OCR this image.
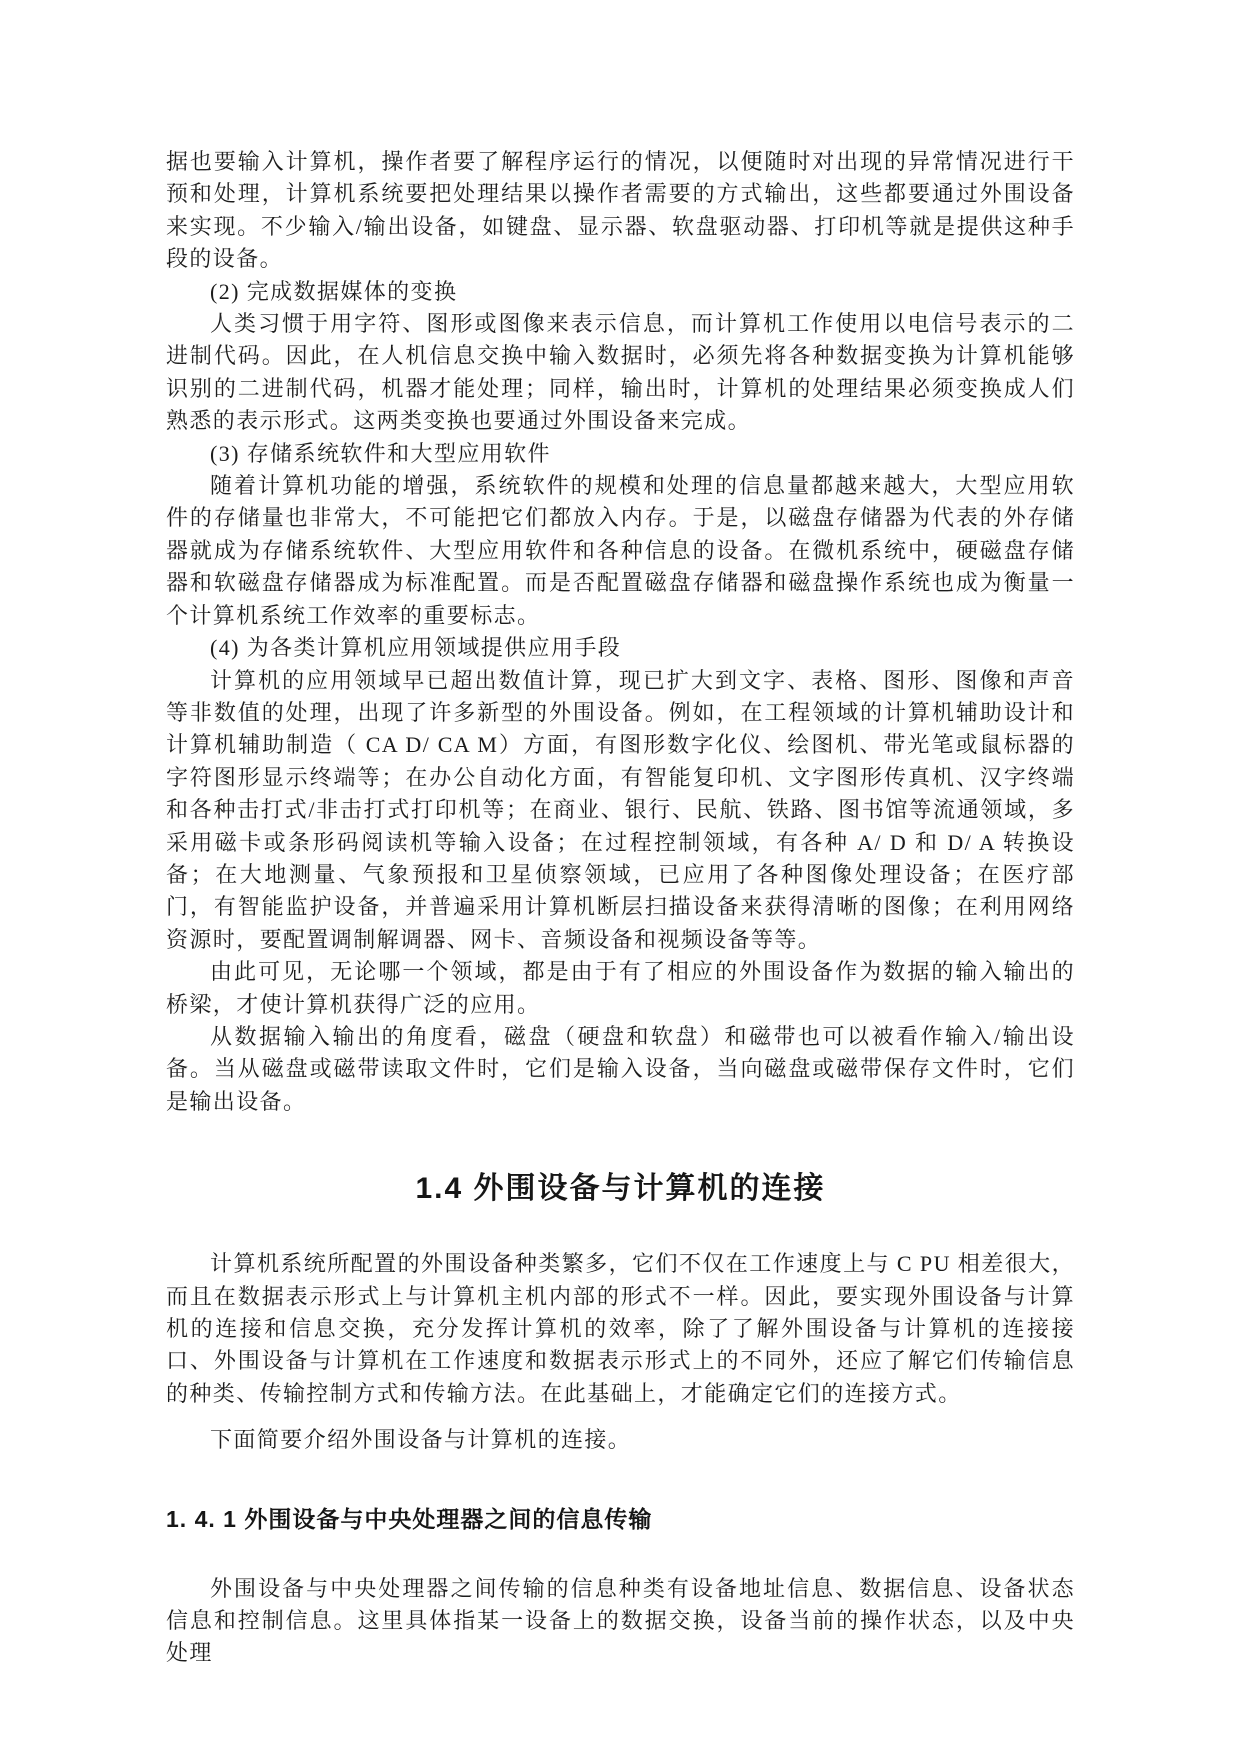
据也要输入计算机，操作者要了解程序运行的情况，以便随时对出现的异常情况进行干预和处理，计算机系统要把处理结果以操作者需要的方式输出，这些都要通过外围设备来实现。不少输入/输出设备，如键盘、显示器、软盘驱动器、打印机等就是提供这种手段的设备。

(2) 完成数据媒体的变换

人类习惯于用字符、图形或图像来表示信息，而计算机工作使用以电信号表示的二进制代码。因此，在人机信息交换中输入数据时，必须先将各种数据变换为计算机能够识别的二进制代码，机器才能处理；同样，输出时，计算机的处理结果必须变换成人们熟悉的表示形式。这两类变换也要通过外围设备来完成。

(3) 存储系统软件和大型应用软件

随着计算机功能的增强，系统软件的规模和处理的信息量都越来越大，大型应用软件的存储量也非常大，不可能把它们都放入内存。于是，以磁盘存储器为代表的外存储器就成为存储系统软件、大型应用软件和各种信息的设备。在微机系统中，硬磁盘存储器和软磁盘存储器成为标准配置。而是否配置磁盘存储器和磁盘操作系统也成为衡量一个计算机系统工作效率的重要标志。

(4) 为各类计算机应用领域提供应用手段

计算机的应用领域早已超出数值计算，现已扩大到文字、表格、图形、图像和声音等非数值的处理，出现了许多新型的外围设备。例如，在工程领域的计算机辅助设计和计算机辅助制造（ CA D/ CA M）方面，有图形数字化仪、绘图机、带光笔或鼠标器的字符图形显示终端等；在办公自动化方面，有智能复印机、文字图形传真机、汉字终端和各种击打式/非击打式打印机等；在商业、银行、民航、铁路、图书馆等流通领域，多采用磁卡或条形码阅读机等输入设备；在过程控制领域，有各种 A/ D 和 D/ A 转换设备；在大地测量、气象预报和卫星侦察领域，已应用了各种图像处理设备；在医疗部门，有智能监护设备，并普遍采用计算机断层扫描设备来获得清晰的图像；在利用网络资源时，要配置调制解调器、网卡、音频设备和视频设备等等。

由此可见，无论哪一个领域，都是由于有了相应的外围设备作为数据的输入输出的桥梁，才使计算机获得广泛的应用。

从数据输入输出的角度看，磁盘（硬盘和软盘）和磁带也可以被看作输入/输出设备。当从磁盘或磁带读取文件时，它们是输入设备，当向磁盘或磁带保存文件时，它们是输出设备。

1.4 外围设备与计算机的连接

计算机系统所配置的外围设备种类繁多，它们不仅在工作速度上与 C PU 相差很大，而且在数据表示形式上与计算机主机内部的形式不一样。因此，要实现外围设备与计算机的连接和信息交换，充分发挥计算机的效率，除了了解外围设备与计算机的连接接口、外围设备与计算机在工作速度和数据表示形式上的不同外，还应了解它们传输信息的种类、传输控制方式和传输方法。在此基础上，才能确定它们的连接方式。

下面简要介绍外围设备与计算机的连接。

1. 4. 1 外围设备与中央处理器之间的信息传输

外围设备与中央处理器之间传输的信息种类有设备地址信息、数据信息、设备状态信息和控制信息。这里具体指某一设备上的数据交换，设备当前的操作状态，以及中央处理
